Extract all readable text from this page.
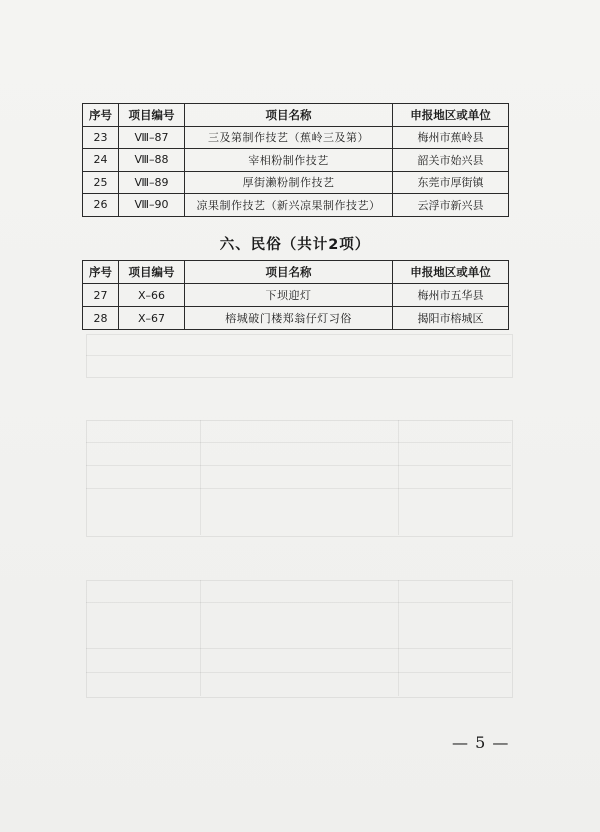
序号	项目编号	项目名称	申报地区或单位
23	Ⅷ–87	三及第制作技艺（蕉岭三及第）	梅州市蕉岭县
24	Ⅷ–88	宰相粉制作技艺	韶关市始兴县
25	Ⅷ–89	厚街濑粉制作技艺	东莞市厚街镇
26	Ⅷ–90	凉果制作技艺（新兴凉果制作技艺）	云浮市新兴县
六、民俗（共计2项）
序号	项目编号	项目名称	申报地区或单位
27	Ⅹ–66	下坝迎灯	梅州市五华县
28	Ⅹ–67	榕城破门楼郑翁仔灯习俗	揭阳市榕城区
— 5 —
